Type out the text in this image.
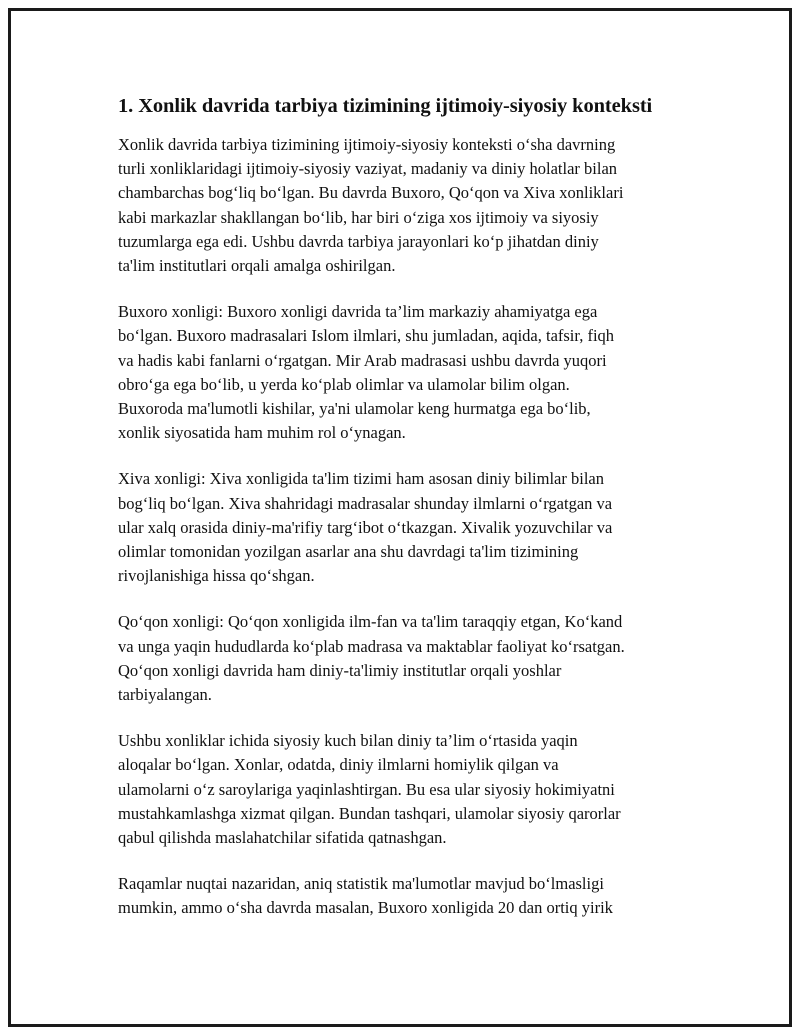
1. Xonlik davrida tarbiya tizimining ijtimoiy-siyosiy konteksti

Xonlik davrida tarbiya tizimining ijtimoiy-siyosiy konteksti o‘sha davrning
turli xonliklaridagi ijtimoiy-siyosiy vaziyat, madaniy va diniy holatlar bilan
chambarchas bog‘liq bo‘lgan. Bu davrda Buxoro, Qo‘qon va Xiva xonliklari
kabi markazlar shakllangan bo‘lib, har biri o‘ziga xos ijtimoiy va siyosiy
tuzumlarga ega edi. Ushbu davrda tarbiya jarayonlari ko‘p jihatdan diniy
ta'lim institutlari orqali amalga oshirilgan.

Buxoro xonligi: Buxoro xonligi davrida ta’lim markaziy ahamiyatga ega
bo‘lgan. Buxoro madrasalari Islom ilmlari, shu jumladan, aqida, tafsir, fiqh
va hadis kabi fanlarni o‘rgatgan. Mir Arab madrasasi ushbu davrda yuqori
obro‘ga ega bo‘lib, u yerda ko‘plab olimlar va ulamolar bilim olgan.
Buxoroda ma'lumotli kishilar, ya'ni ulamolar keng hurmatga ega bo‘lib,
xonlik siyosatida ham muhim rol o‘ynagan.

Xiva xonligi: Xiva xonligida ta'lim tizimi ham asosan diniy bilimlar bilan
bog‘liq bo‘lgan. Xiva shahridagi madrasalar shunday ilmlarni o‘rgatgan va
ular xalq orasida diniy-ma'rifiy targ‘ibot o‘tkazgan. Xivalik yozuvchilar va
olimlar tomonidan yozilgan asarlar ana shu davrdagi ta'lim tizimining
rivojlanishiga hissa qo‘shgan.

Qo‘qon xonligi: Qo‘qon xonligida ilm-fan va ta'lim taraqqiy etgan, Ko‘kand
va unga yaqin hududlarda ko‘plab madrasa va maktablar faoliyat ko‘rsatgan.
Qo‘qon xonligi davrida ham diniy-ta'limiy institutlar orqali yoshlar
tarbiyalangan.

Ushbu xonliklar ichida siyosiy kuch bilan diniy ta’lim o‘rtasida yaqin
aloqalar bo‘lgan. Xonlar, odatda, diniy ilmlarni homiylik qilgan va
ulamolarni o‘z saroylariga yaqinlashtirgan. Bu esa ular siyosiy hokimiyatni
mustahkamlashga xizmat qilgan. Bundan tashqari, ulamolar siyosiy qarorlar
qabul qilishda maslahatchilar sifatida qatnashgan.

Raqamlar nuqtai nazaridan, aniq statistik ma'lumotlar mavjud bo‘lmasligi
mumkin, ammo o‘sha davrda masalan, Buxoro xonligida 20 dan ortiq yirik
